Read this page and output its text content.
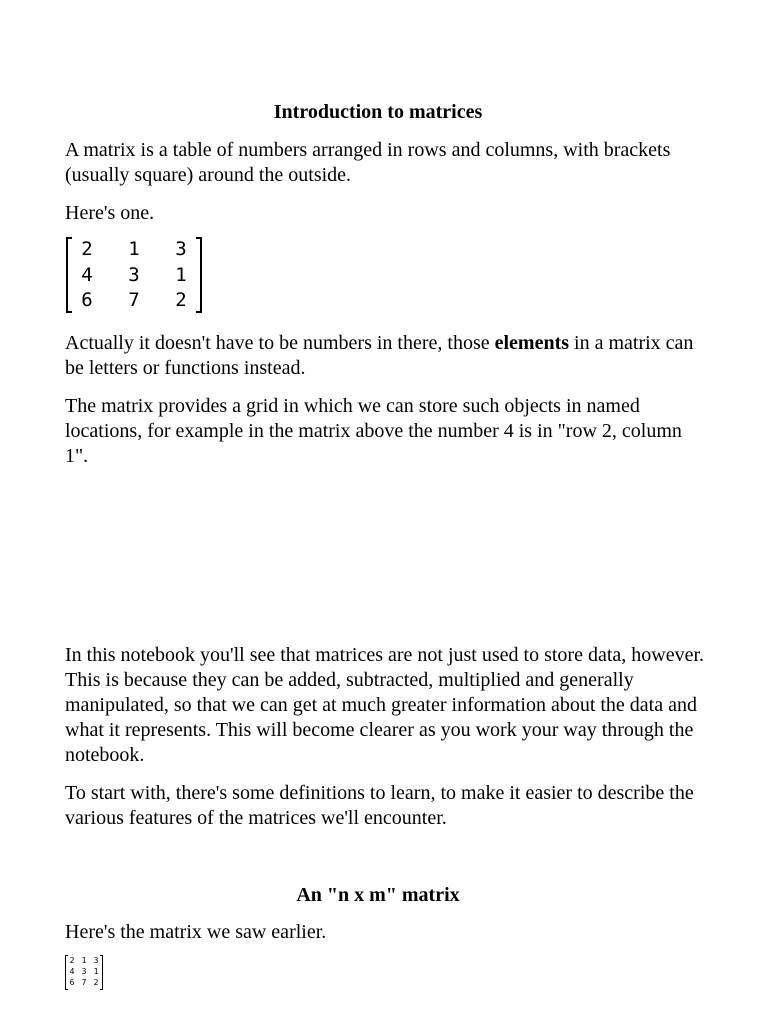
Introduction to matrices
A matrix is a table of numbers arranged in rows and columns, with brackets (usually square) around the outside.
Here's one.
2	1	3
4	3	1
6	7	2
Actually it doesn't have to be numbers in there, those elements in a matrix can be letters or functions instead.
The matrix provides a grid in which we can store such objects in named locations, for example in the matrix above the number 4 is in "row 2, column 1".
In this notebook you'll see that matrices are not just used to store data, however. This is because they can be added, subtracted, multiplied and generally manipulated, so that we can get at much greater information about the data and what it represents. This will become clearer as you work your way through the notebook.
To start with, there's some definitions to learn, to make it easier to describe the various features of the matrices we'll encounter.
An "n x m" matrix
Here's the matrix we saw earlier.
2 1 3
4 3 1
6 7 2
